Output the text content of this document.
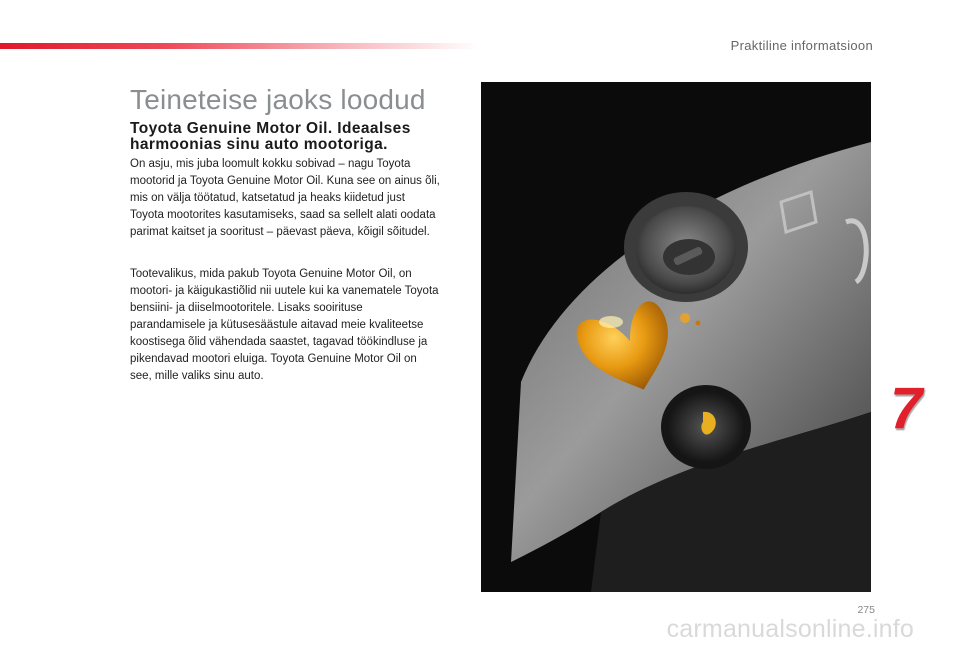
Praktiline informatsioon
Teineteise jaoks loodud
Toyota Genuine Motor Oil. Ideaalses harmoonias sinu auto mootoriga.

On asju, mis juba loomult kokku sobivad – nagu Toyota mootorid ja Toyota Genuine Motor Oil. Kuna see on ainus õli, mis on välja töötatud, katsetatud ja heaks kiidetud just Toyota mootorites kasutamiseks, saad sa sellelt alati oodata parimat kaitset ja sooritust – päevast päeva, kõigil sõitudel.

Tootevalikus, mida pakub Toyota Genuine Motor Oil, on mootori- ja käigukastiõlid nii uutele kui ka vanematele Toyota bensiini- ja diiselmootoritele. Lisaks sooirituse parandamisele ja kütusesäästule aitavad meie kvaliteetse koostisega õlid vähendada saastet, tagavad töökindluse ja pikendavad mootori eluiga. Toyota Genuine Motor Oil on see, mille valiks sinu auto.	7
275
carmanualsonline.info
